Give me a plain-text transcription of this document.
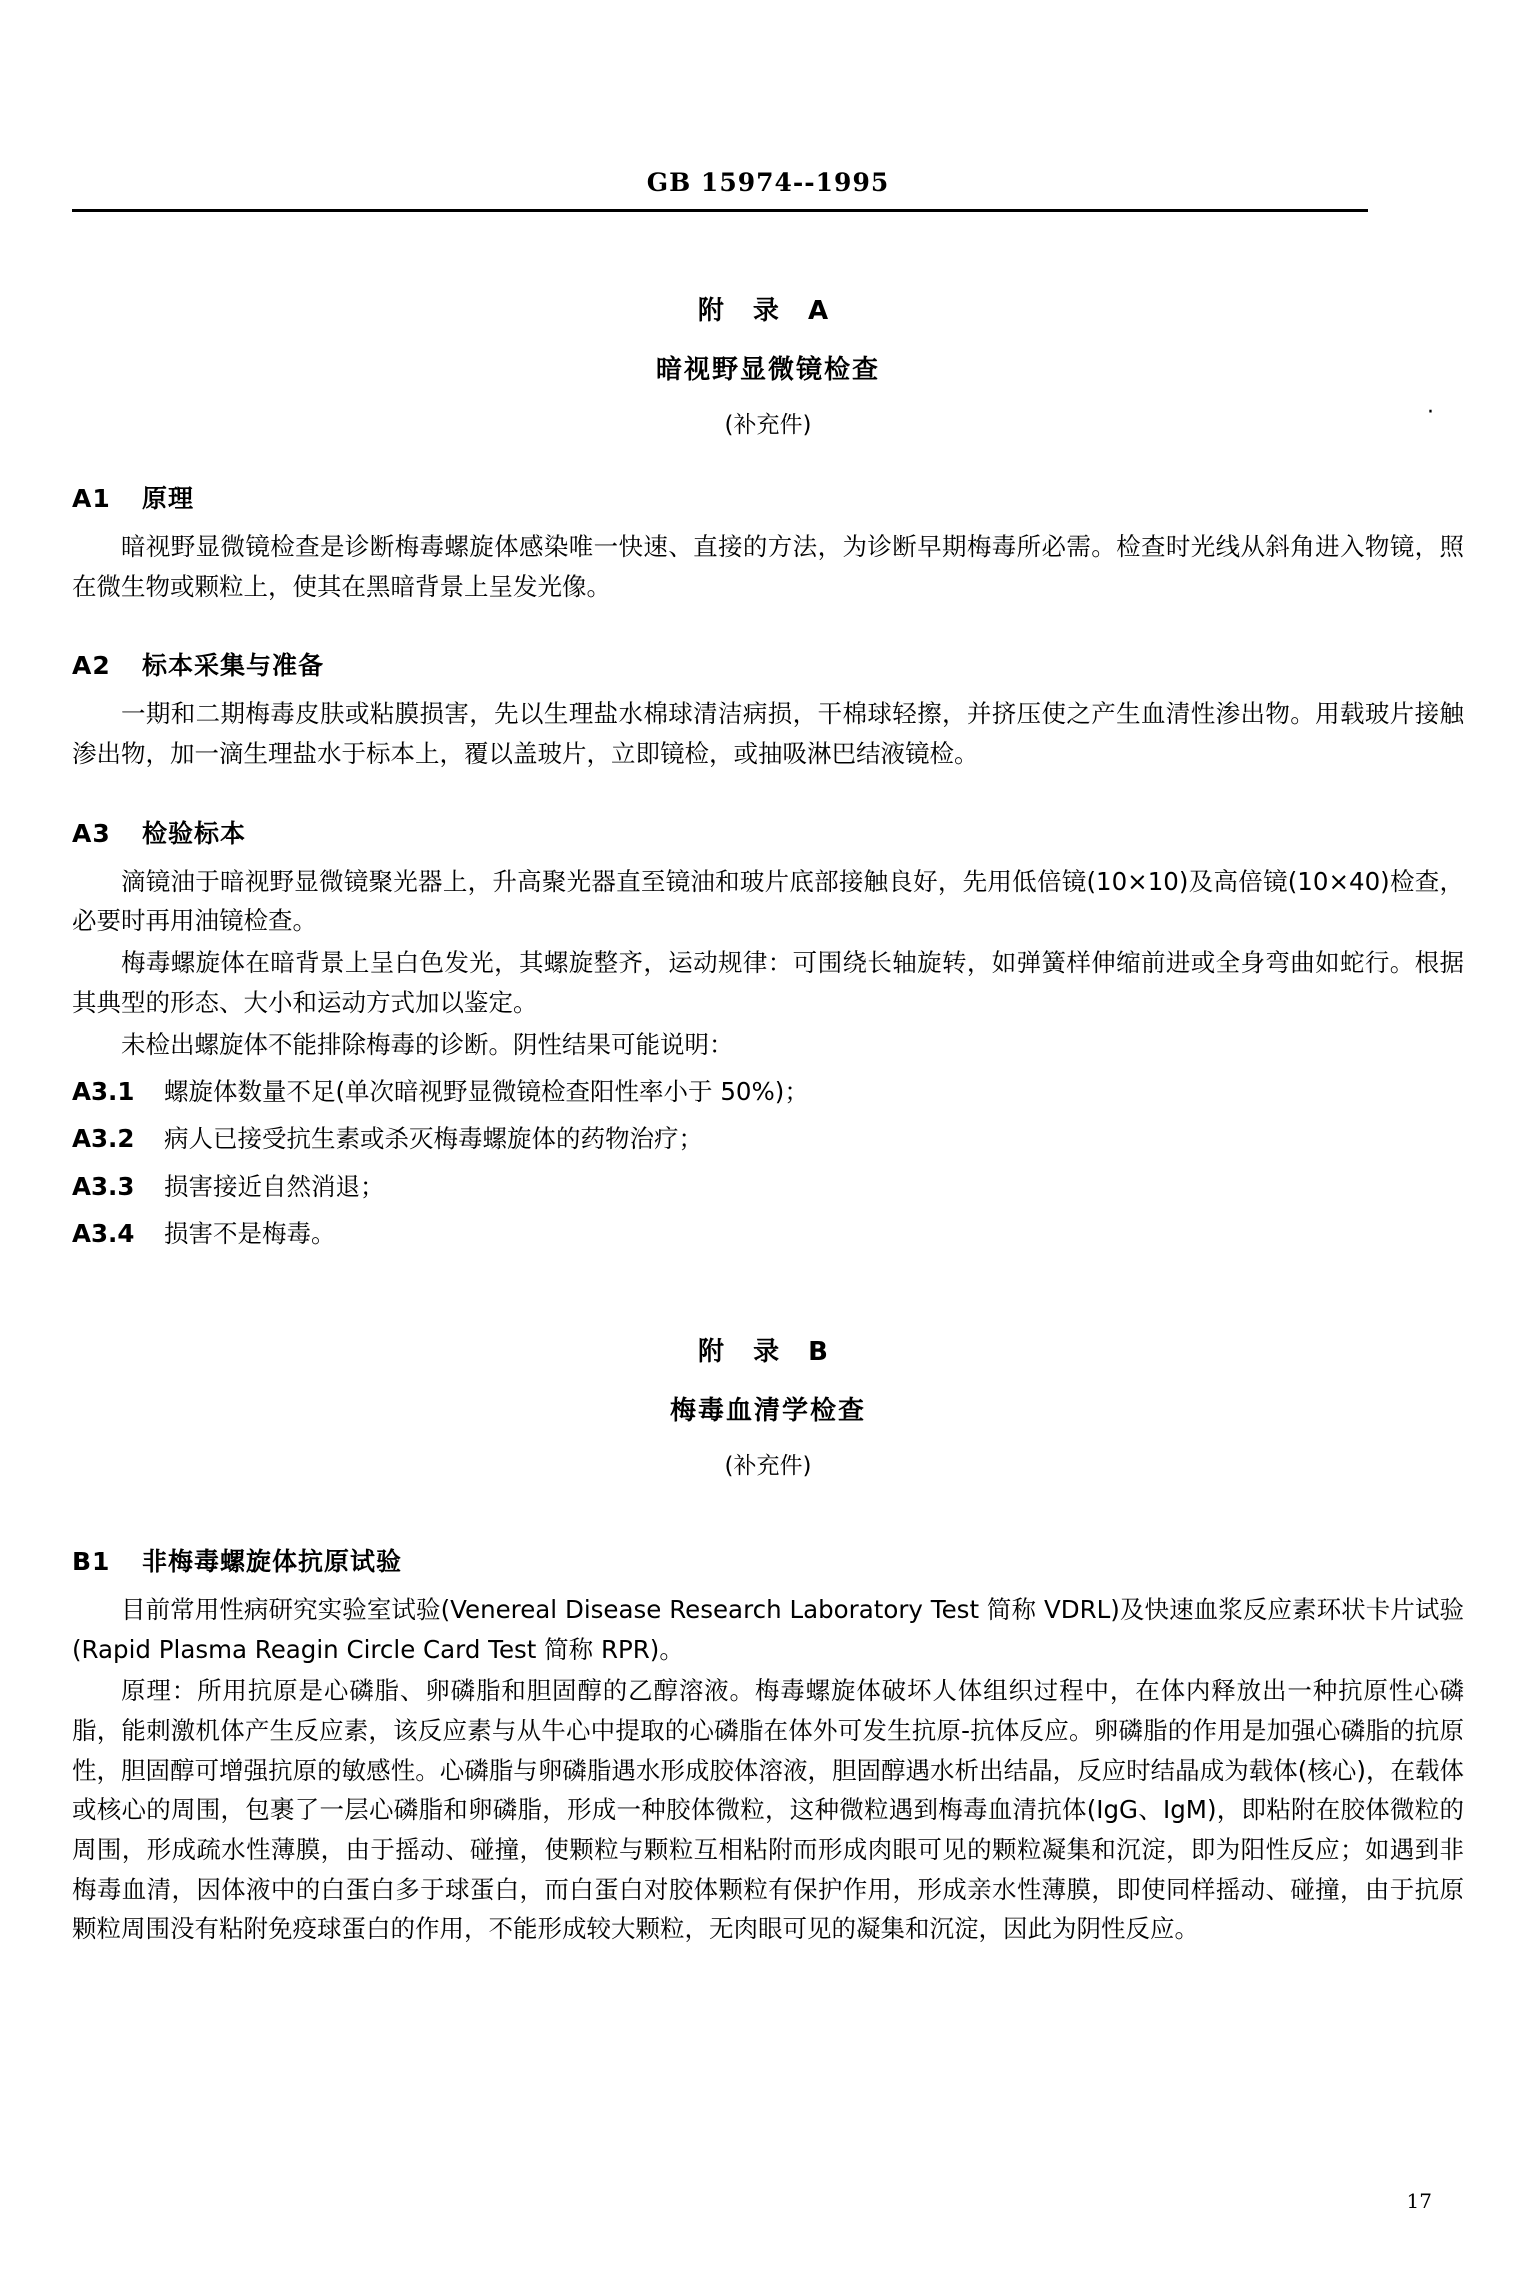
GB 15974--1995
附 录 A
暗视野显微镜检查
(补充件)
A1 原理

暗视野显微镜检查是诊断梅毒螺旋体感染唯一快速、直接的方法，为诊断早期梅毒所必需。检查时光线从斜角进入物镜，照在微生物或颗粒上，使其在黑暗背景上呈发光像。

A2 标本采集与准备

一期和二期梅毒皮肤或粘膜损害，先以生理盐水棉球清洁病损，干棉球轻擦，并挤压使之产生血清性渗出物。用载玻片接触渗出物，加一滴生理盐水于标本上，覆以盖玻片，立即镜检，或抽吸淋巴结液镜检。

A3 检验标本

滴镜油于暗视野显微镜聚光器上，升高聚光器直至镜油和玻片底部接触良好，先用低倍镜(10×10)及高倍镜(10×40)检查，必要时再用油镜检查。

梅毒螺旋体在暗背景上呈白色发光，其螺旋整齐，运动规律：可围绕长轴旋转，如弹簧样伸缩前进或全身弯曲如蛇行。根据其典型的形态、大小和运动方式加以鉴定。

未检出螺旋体不能排除梅毒的诊断。阴性结果可能说明：

A3.1	螺旋体数量不足(单次暗视野显微镜检查阳性率小于 50%)；
A3.2	病人已接受抗生素或杀灭梅毒螺旋体的药物治疗；
A3.3	损害接近自然消退；
A3.4	损害不是梅毒。
附 录 B
梅毒血清学检查
(补充件)
B1 非梅毒螺旋体抗原试验

目前常用性病研究实验室试验(Venereal Disease Research Laboratory Test 简称 VDRL)及快速血浆反应素环状卡片试验(Rapid Plasma Reagin Circle Card Test 简称 RPR)。

原理：所用抗原是心磷脂、卵磷脂和胆固醇的乙醇溶液。梅毒螺旋体破坏人体组织过程中，在体内释放出一种抗原性心磷脂，能刺激机体产生反应素，该反应素与从牛心中提取的心磷脂在体外可发生抗原-抗体反应。卵磷脂的作用是加强心磷脂的抗原性，胆固醇可增强抗原的敏感性。心磷脂与卵磷脂遇水形成胶体溶液，胆固醇遇水析出结晶，反应时结晶成为载体(核心)，在载体或核心的周围，包裹了一层心磷脂和卵磷脂，形成一种胶体微粒，这种微粒遇到梅毒血清抗体(IgG、IgM)，即粘附在胶体微粒的周围，形成疏水性薄膜，由于摇动、碰撞，使颗粒与颗粒互相粘附而形成肉眼可见的颗粒凝集和沉淀，即为阳性反应；如遇到非梅毒血清，因体液中的白蛋白多于球蛋白，而白蛋白对胶体颗粒有保护作用，形成亲水性薄膜，即使同样摇动、碰撞，由于抗原颗粒周围没有粘附免疫球蛋白的作用，不能形成较大颗粒，无肉眼可见的凝集和沉淀，因此为阴性反应。

·
17
